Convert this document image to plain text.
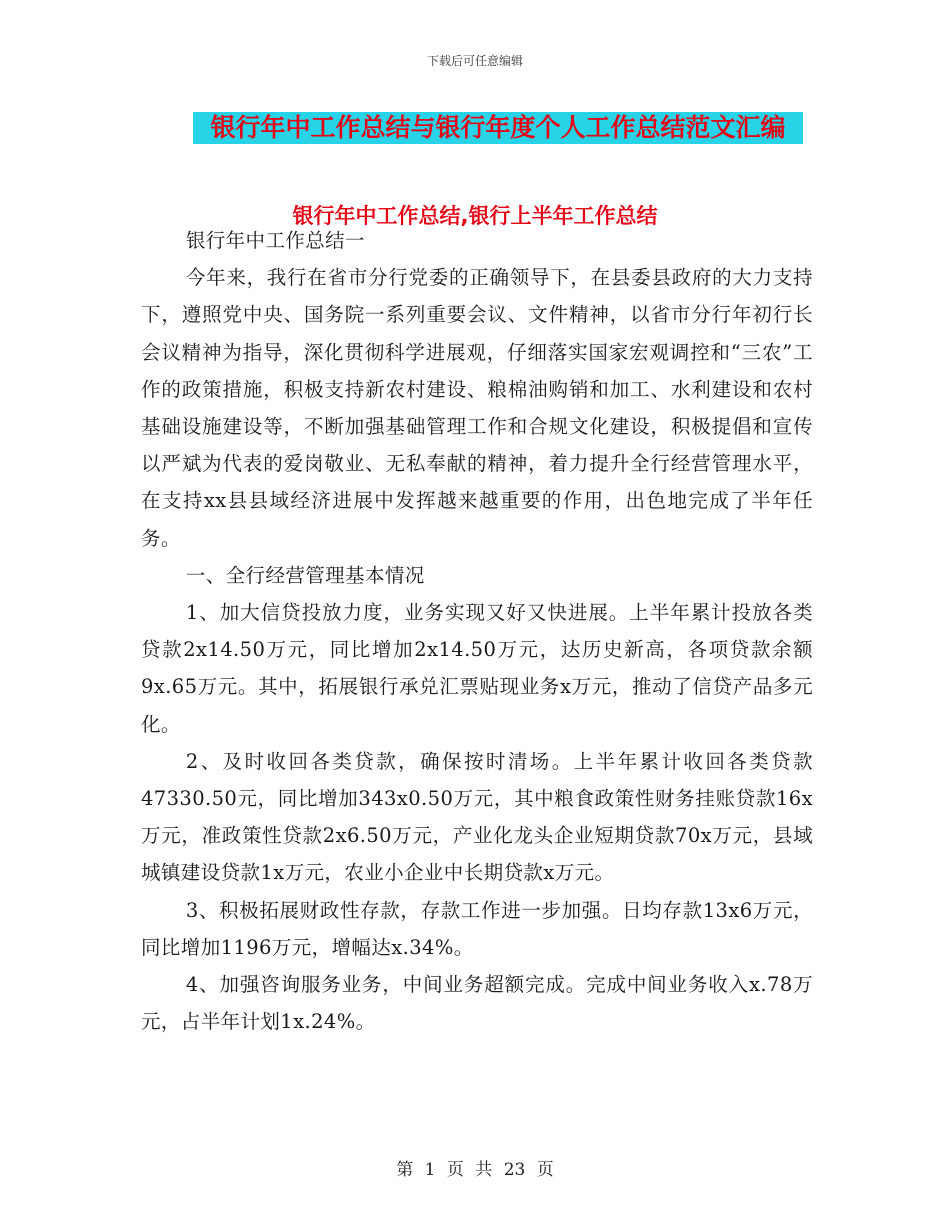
下载后可任意编辑
银行年中工作总结与银行年度个人工作总结范文汇编
银行年中工作总结,银行上半年工作总结

银行年中工作总结一

今年来，我行在省市分行党委的正确领导下，在县委县政府的大力支持下，遵照党中央、国务院一系列重要会议、文件精神，以省市分行年初行长会议精神为指导，深化贯彻科学进展观，仔细落实国家宏观调控和“三农”工作的政策措施，积极支持新农村建设、粮棉油购销和加工、水利建设和农村基础设施建设等，不断加强基础管理工作和合规文化建设，积极提倡和宣传以严斌为代表的爱岗敬业、无私奉献的精神，着力提升全行经营管理水平，在支持xx县县域经济进展中发挥越来越重要的作用，出色地完成了半年任务。

一、全行经营管理基本情况

1、加大信贷投放力度，业务实现又好又快进展。上半年累计投放各类贷款2x14.50万元，同比增加2x14.50万元，达历史新高，各项贷款余额9x.65万元。其中，拓展银行承兑汇票贴现业务x万元，推动了信贷产品多元化。

2、及时收回各类贷款，确保按时清场。上半年累计收回各类贷款47330.50元，同比增加343x0.50万元，其中粮食政策性财务挂账贷款16x万元，准政策性贷款2x6.50万元，产业化龙头企业短期贷款70x万元，县域城镇建设贷款1x万元，农业小企业中长期贷款x万元。

3、积极拓展财政性存款，存款工作进一步加强。日均存款13x6万元，同比增加1196万元，增幅达x.34%。

4、加强咨询服务业务，中间业务超额完成。完成中间业务收入x.78万元，占半年计划1x.24%。

第 1 页 共 23 页
